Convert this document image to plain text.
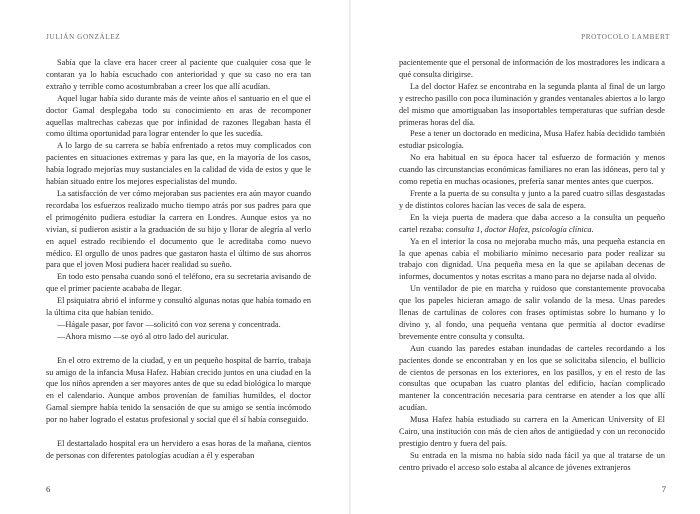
JULIÁN GONZÁLEZ

Sabía que la clave era hacer creer al paciente que cualquier cosa que le contaran ya lo había escuchado con anterioridad y que su caso no era tan extraño y terrible como acostumbraban a creer los que allí acudían.

Aquel lugar había sido durante más de veinte años el santuario en el que el doctor Gamal desplegaba todo su conocimiento en aras de recomponer aquellas maltrechas cabezas que por infinidad de razones llegaban hasta él como última oportunidad para lograr entender lo que les sucedía.

A lo largo de su carrera se había enfrentado a retos muy complicados con pacientes en situaciones extremas y para las que, en la mayoría de los casos, había logrado mejorías muy sustanciales en la calidad de vida de estos y que le habían situado entre los mejores especialistas del mundo.

La satisfacción de ver cómo mejoraban sus pacientes era aún mayor cuando recordaba los esfuerzos realizado mucho tiempo atrás por sus padres para que el primogénito pudiera estudiar la carrera en Londres. Aunque estos ya no vivían, sí pudieron asistir a la graduación de su hijo y llorar de alegría al verlo en aquel estrado recibiendo el documento que le acreditaba como nuevo médico. El orgullo de unos padres que gastaron hasta el último de sus ahorros para que el joven Mosi pudiera hacer realidad su sueño.

En todo esto pensaba cuando sonó el teléfono, era su secretaria avisando de que el primer paciente acababa de llegar.

El psiquiatra abrió el informe y consultó algunas notas que había tomado en la última cita que habían tenido.

—Hágale pasar, por favor —solicitó con voz serena y concentrada.

—Ahora mismo —se oyó al otro lado del auricular.

En el otro extremo de la ciudad, y en un pequeño hospital de barrio, trabaja su amigo de la infancia Musa Hafez. Habían crecido juntos en una ciudad en la que los niños aprenden a ser mayores antes de que su edad biológica lo marque en el calendario. Aunque ambos provenían de familias humildes, el doctor Gamal siempre había tenido la sensación de que su amigo se sentía incómodo por no haber logrado el estatus profesional y social que él sí había conseguido.

El destartalado hospital era un hervidero a esas horas de la mañana, cientos de personas con diferentes patologías acudían a él y esperaban

6
PROTOCOLO LAMBERT

pacientemente que el personal de información de los mostradores les indicara a qué consulta dirigirse.

La del doctor Hafez se encontraba en la segunda planta al final de un largo y estrecho pasillo con poca iluminación y grandes ventanales abiertos a lo largo del mismo que amortiguaban las insoportables temperaturas que sufrían desde primeras horas del día.

Pese a tener un doctorado en medicina, Musa Hafez había decidido también estudiar psicología.

No era habitual en su época hacer tal esfuerzo de formación y menos cuando las circunstancias económicas familiares no eran las idóneas, pero tal y como repetía en muchas ocasiones, prefería sanar mentes antes que cuerpos.

Frente a la puerta de su consulta y junto a la pared cuatro sillas desgastadas y de distintos colores hacían las veces de sala de espera.

En la vieja puerta de madera que daba acceso a la consulta un pequeño cartel rezaba: consulta 1, doctor Hafez, psicología clínica.

Ya en el interior la cosa no mejoraba mucho más, una pequeña estancia en la que apenas cabía el mobiliario mínimo necesario para poder realizar su trabajo con dignidad. Una pequeña mesa en la que se apilaban decenas de informes, documentos y notas escritas a mano para no dejarse nada al olvido.

Un ventilador de pie en marcha y ruidoso que constantemente provocaba que los papeles hicieran amago de salir volando de la mesa. Unas paredes llenas de cartulinas de colores con frases optimistas sobre lo humano y lo divino y, al fondo, una pequeña ventana que permitía al doctor evadirse brevemente entre consulta y consulta.

Aun cuando las paredes estaban inundadas de carteles recordando a los pacientes donde se encontraban y en los que se solicitaba silencio, el bullicio de cientos de personas en los exteriores, en los pasillos, y en el resto de las consultas que ocupaban las cuatro plantas del edificio, hacían complicado mantener la concentración necesaria para centrarse en atender a los que allí acudían.

Musa Hafez había estudiado su carrera en la American University of El Cairo, una institución con más de cien años de antigüedad y con un reconocido prestigio dentro y fuera del país.

Su entrada en la misma no había sido nada fácil ya que al tratarse de un centro privado el acceso solo estaba al alcance de jóvenes extranjeros

7
